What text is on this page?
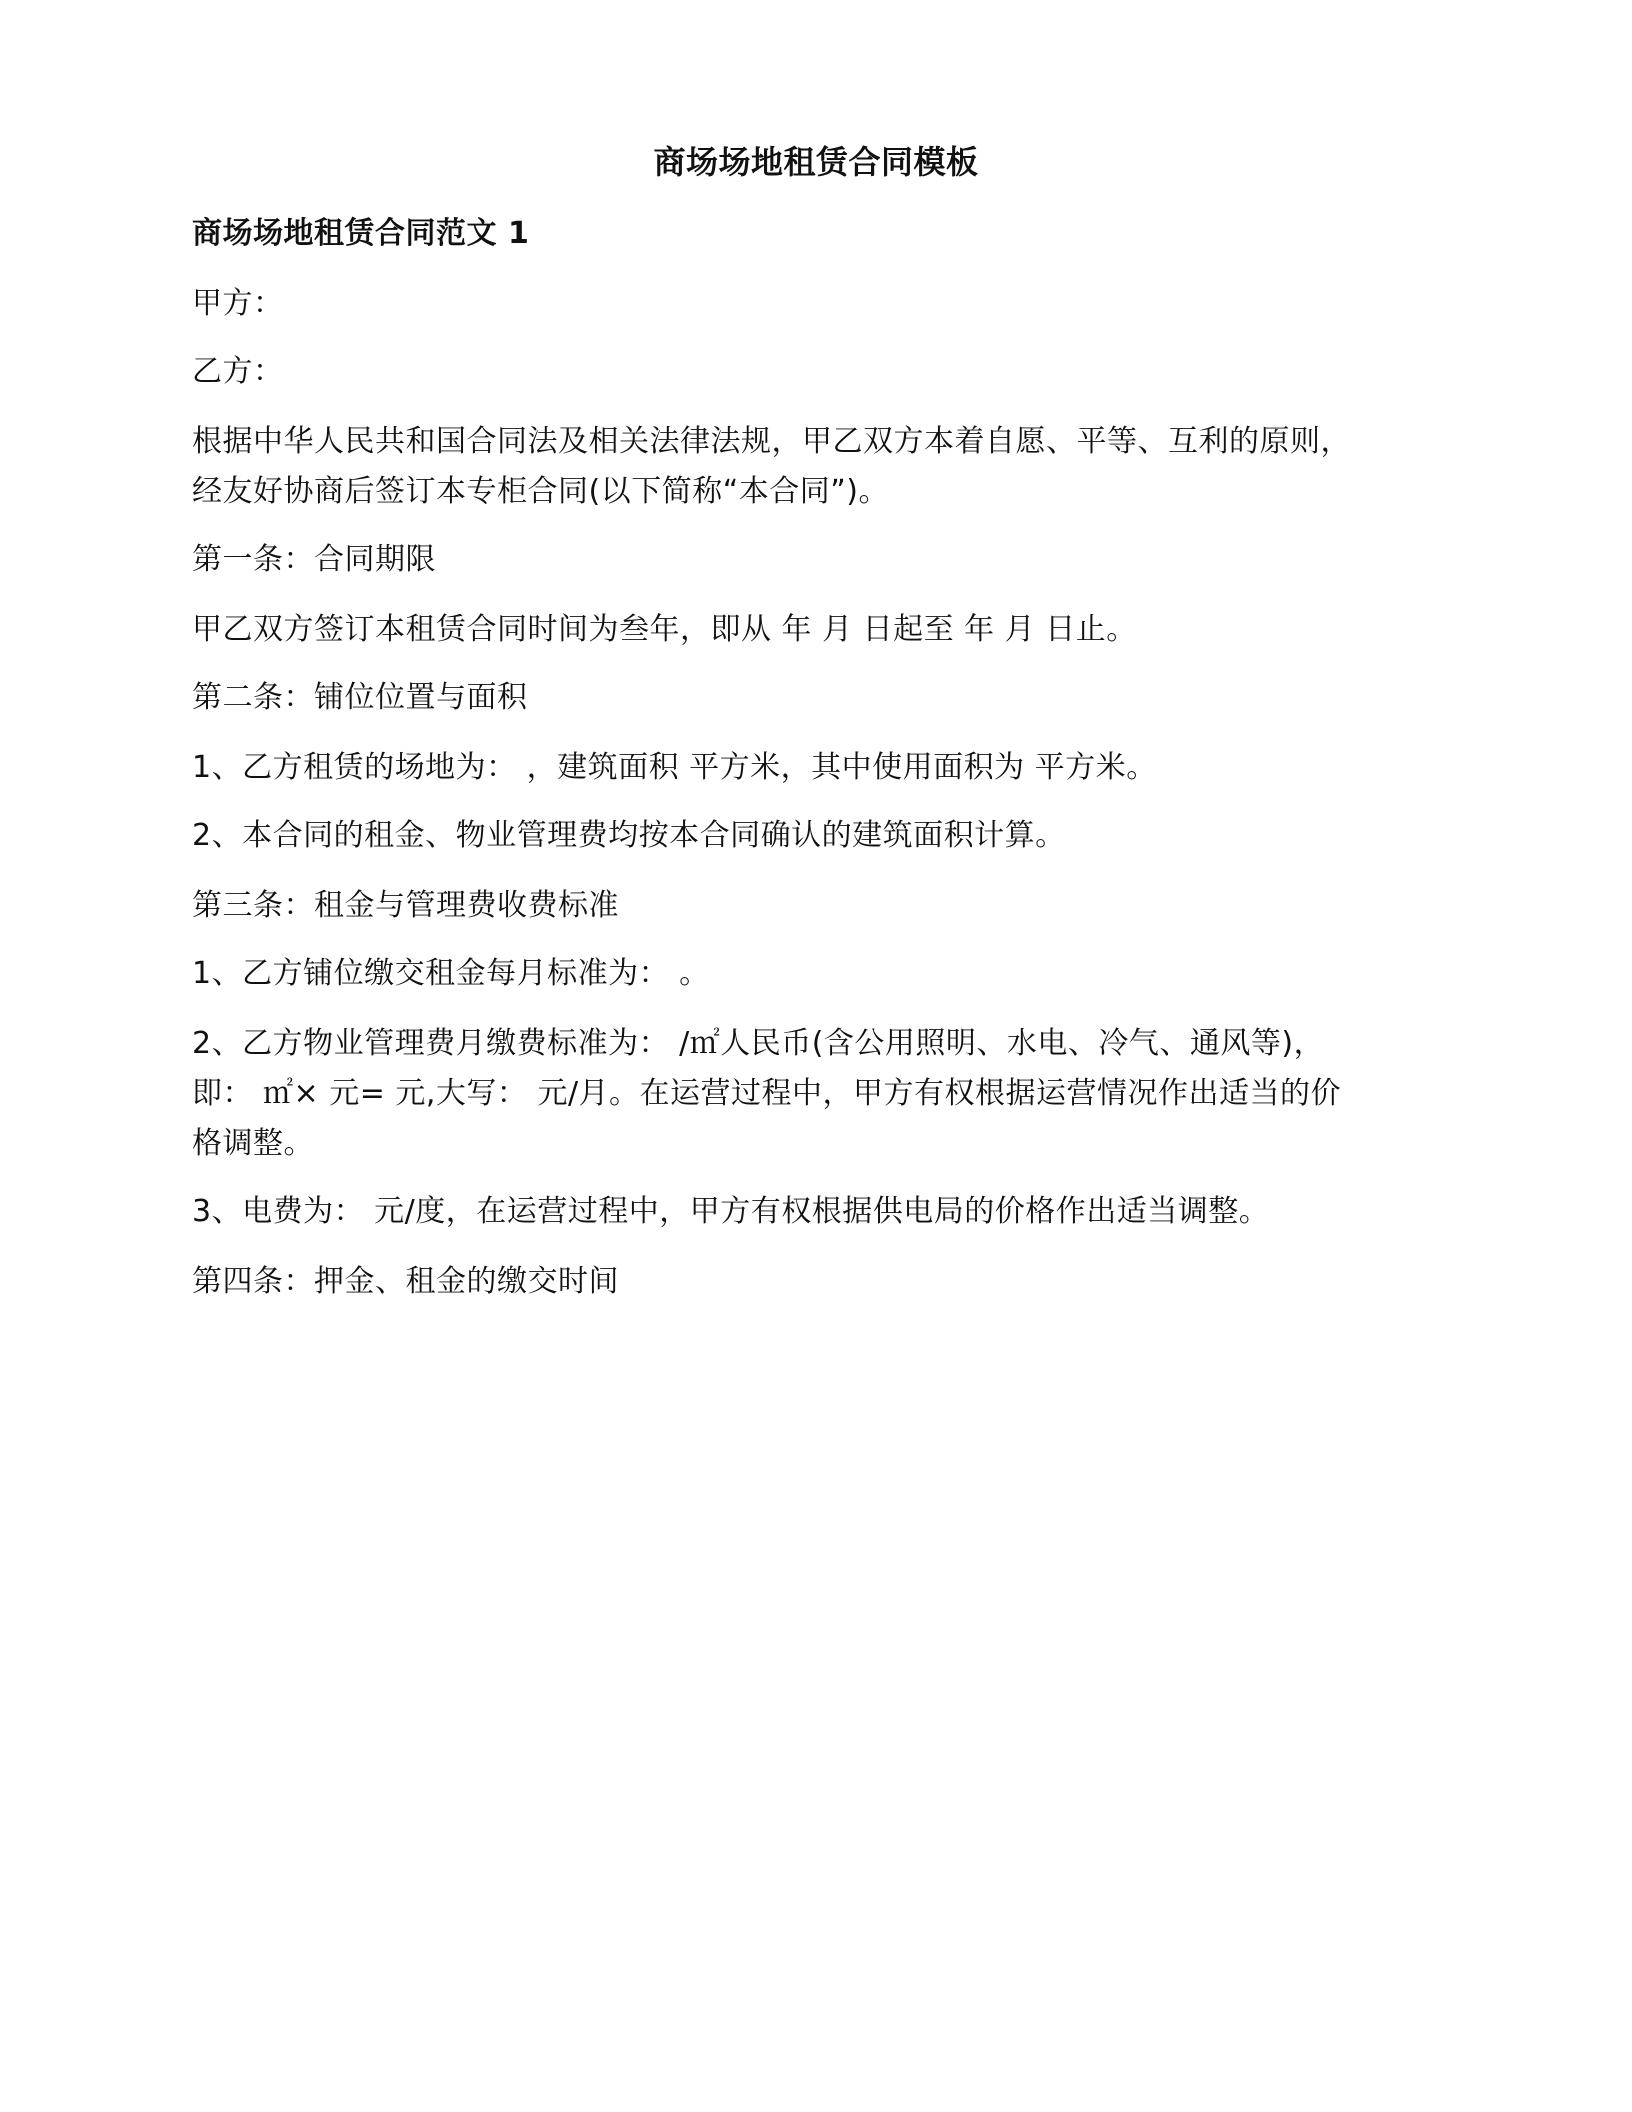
商场场地租赁合同模板
商场场地租赁合同范文 1
甲方：
乙方：
根据中华人民共和国合同法及相关法律法规，甲乙双方本着自愿、平等、互利的原则，
经友好协商后签订本专柜合同(以下简称“本合同”)。
第一条：合同期限
甲乙双方签订本租赁合同时间为叁年，即从 年 月 日起至 年 月 日止。
第二条：铺位位置与面积
1、乙方租赁的场地为： ，建筑面积 平方米，其中使用面积为 平方米。
2、本合同的租金、物业管理费均按本合同确认的建筑面积计算。
第三条：租金与管理费收费标准
1、乙方铺位缴交租金每月标准为： 。
2、乙方物业管理费月缴费标准为： /㎡人民币(含公用照明、水电、冷气、通风等)，
即： ㎡× 元= 元,大写： 元/月。在运营过程中，甲方有权根据运营情况作出适当的价
格调整。
3、电费为： 元/度，在运营过程中，甲方有权根据供电局的价格作出适当调整。
第四条：押金、租金的缴交时间
